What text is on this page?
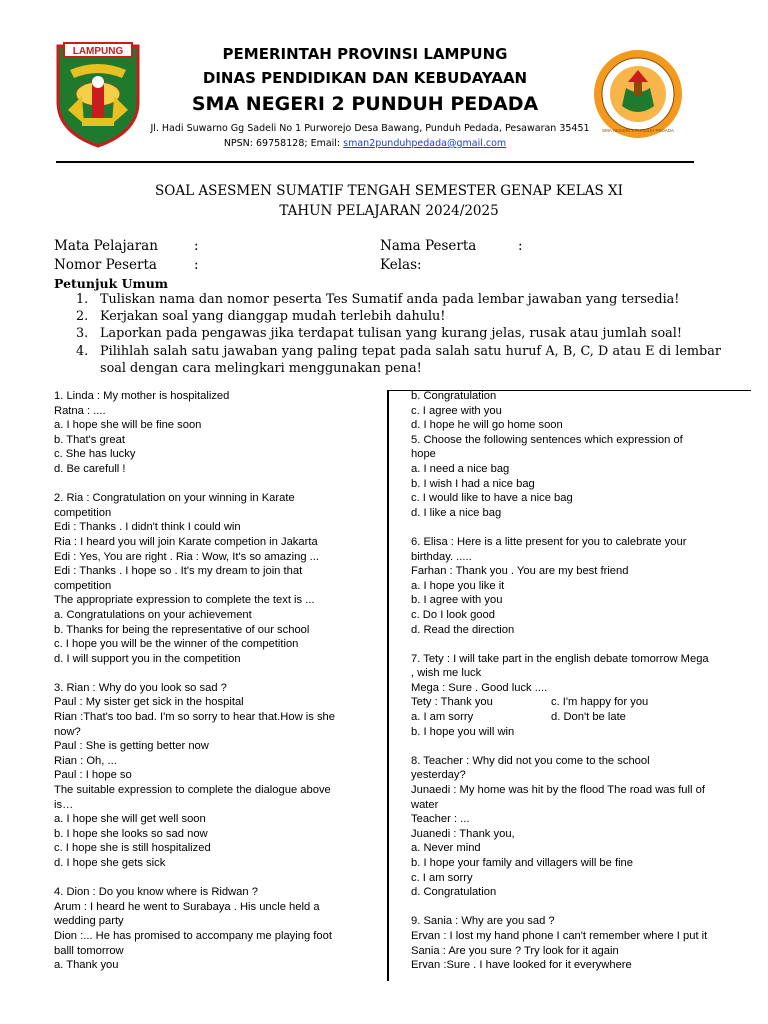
LAMPUNG	PEMERINTAH PROVINSI LAMPUNG
DINAS PENDIDIKAN DAN KEBUDAYAAN
SMA NEGERI 2 PUNDUH PEDADA
Jl. Hadi Suwarno Gg Sadeli No 1 Purworejo Desa Bawang, Punduh Pedada, Pesawaran 35451
NPSN: 69758128; Email: sman2punduhpedada@gmail.com
SMA NEGERI 2 PUNDUH PEDADA
SOAL ASESMEN SUMATIF TENGAH SEMESTER GENAP KELAS XI
TAHUN PELAJARAN 2024/2025
Mata Pelajaran	:
Nomor Peserta	:
Nama Peserta	:
Kelas:
Petunjuk Umum
1. Tuliskan nama dan nomor peserta Tes Sumatif anda pada lembar jawaban yang tersedia!
2. Kerjakan soal yang dianggap mudah terlebih dahulu!
3. Laporkan pada pengawas jika terdapat tulisan yang kurang jelas, rusak atau jumlah soal!
4. Pilihlah salah satu jawaban yang paling tepat pada salah satu huruf A, B, C, D atau E di lembar soal dengan cara melingkari menggunakan pena!
1. Linda : My mother is hospitalized
Ratna : ....
a. I hope she will be fine soon
b. That's great
c. She has lucky
d. Be carefull !
2. Ria : Congratulation on your winning in Karate
competition
Edi : Thanks . I didn't think I could win
Ria : I heard you will join Karate competion in Jakarta
Edi : Yes, You are right . Ria : Wow, It's so amazing ...
Edi : Thanks . I hope so . It's my dream to join that
competition
The appropriate expression to complete the text is ...
a. Congratulations on your achievement
b. Thanks for being the representative of our school
c. I hope you will be the winner of the competition
d. I will support you in the competition
3. Rian : Why do you look so sad ?
Paul : My sister get sick in the hospital
Rian :That's too bad. I'm so sorry to hear that.How is she
now?
Paul : She is getting better now
Rian : Oh, ...
Paul : I hope so
The suitable expression to complete the dialogue above
is…
a. I hope she will get well soon
b. I hope she looks so sad now
c. I hope she is still hospitalized
d. I hope she gets sick
4. Dion : Do you know where is Ridwan ?
Arum : I heard he went to Surabaya . His uncle held a
wedding party
Dion :... He has promised to accompany me playing foot
balll tomorrow
a. Thank you
b. Congratulation
c. I agree with you
d. I hope he will go home soon
5. Choose the following sentences which expression of
hope
a. I need a nice bag
b. I wish I had a nice bag
c. I would like to have a nice bag
d. I like a nice bag
6. Elisa : Here is a litte present for you to calebrate your
birthday. .....
Farhan : Thank you . You are my best friend
a. I hope you like it
b. I agree with you
c. Do I look good
d. Read the direction
7. Tety : I will take part in the english debate tomorrow Mega
, wish me luck
Mega : Sure . Good luck ....
Tety : Thank you	c. I'm happy for you
a. I am sorry	d. Don't be late
b. I hope you will win
8. Teacher : Why did not you come to the school
yesterday?
Junaedi : My home was hit by the flood The road was full of
water
Teacher : ...
Juanedi : Thank you,
a. Never mind
b. I hope your family and villagers will be fine
c. I am sorry
d. Congratulation
9. Sania : Why are you sad ?
Ervan : I lost my hand phone I can't remember where I put it
Sania : Are you sure ? Try look for it again
Ervan :Sure . I have looked for it everywhere
